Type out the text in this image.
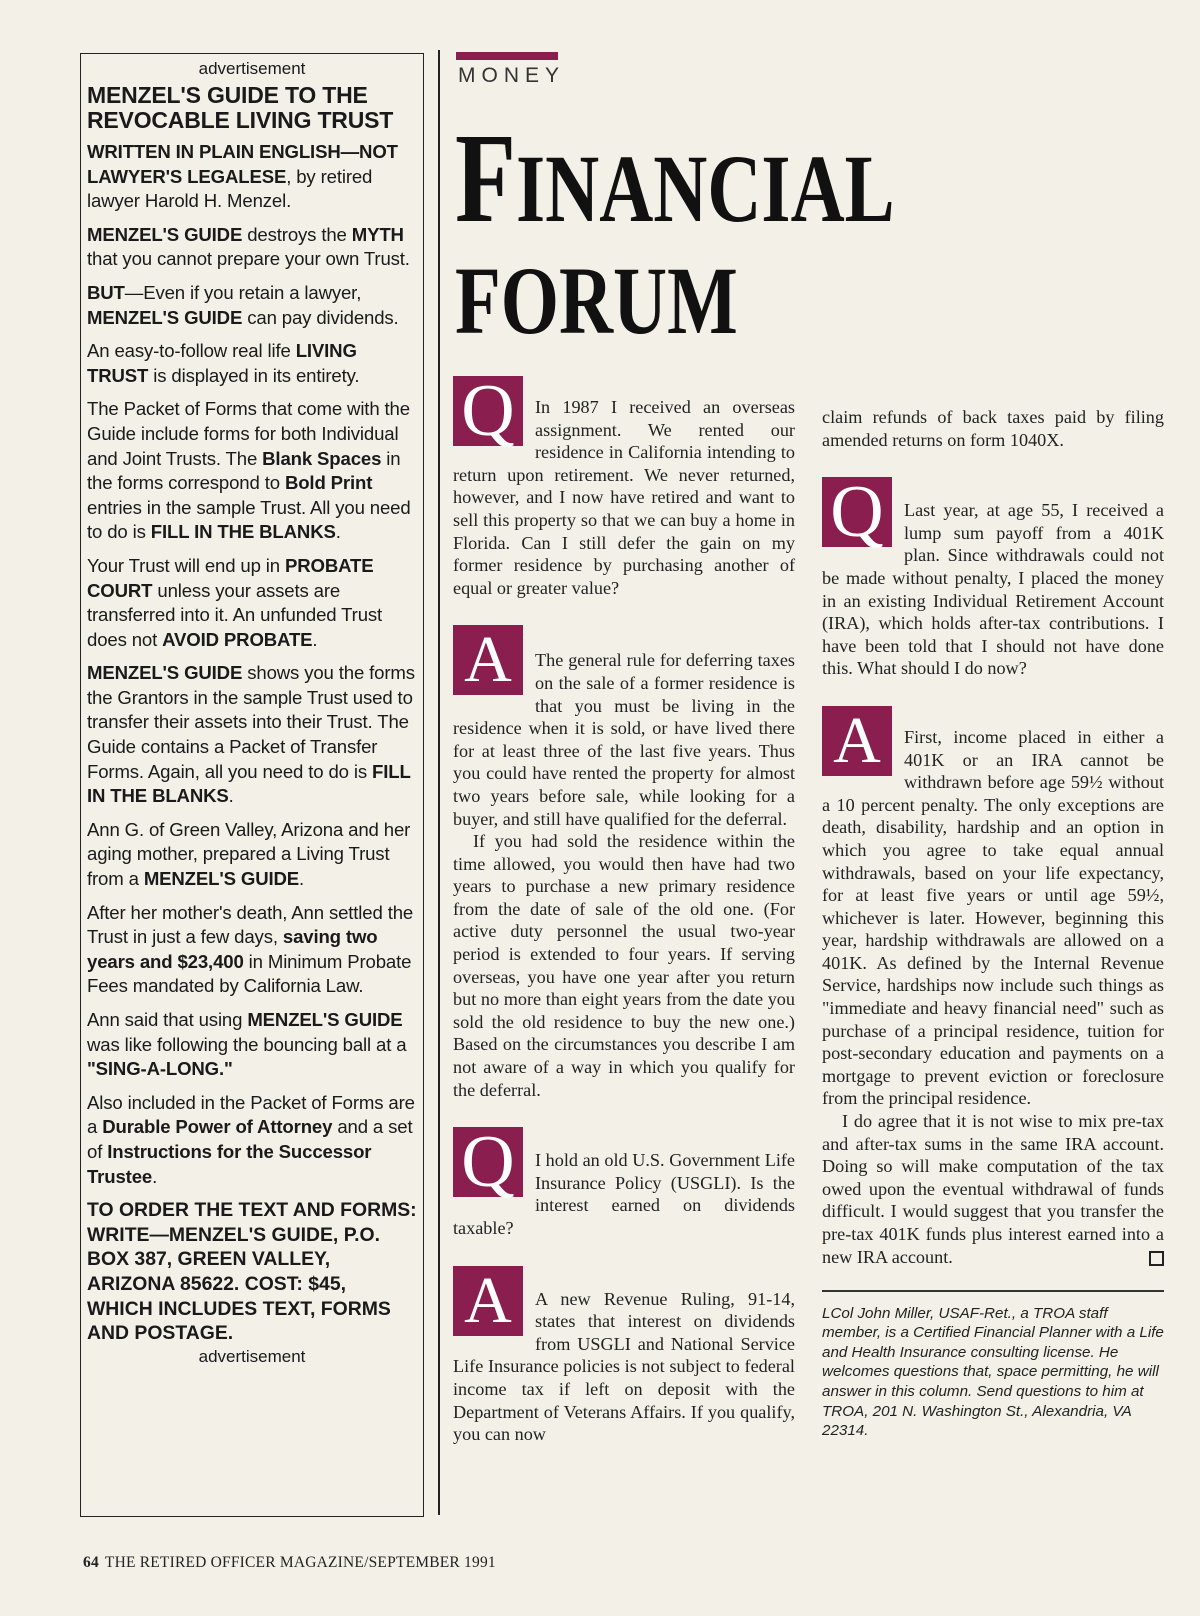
advertisement
MENZEL'S GUIDE TO THE REVOCABLE LIVING TRUST

WRITTEN IN PLAIN ENGLISH—NOT LAWYER'S LEGALESE, by retired lawyer Harold H. Menzel.

MENZEL'S GUIDE destroys the MYTH that you cannot prepare your own Trust.

BUT—Even if you retain a lawyer, MENZEL'S GUIDE can pay dividends.

An easy-to-follow real life LIVING TRUST is displayed in its entirety.

The Packet of Forms that come with the Guide include forms for both Individual and Joint Trusts. The Blank Spaces in the forms correspond to Bold Print entries in the sample Trust. All you need to do is FILL IN THE BLANKS.

Your Trust will end up in PROBATE COURT unless your assets are transferred into it. An unfunded Trust does not AVOID PROBATE.

MENZEL'S GUIDE shows you the forms the Grantors in the sample Trust used to transfer their assets into their Trust. The Guide contains a Packet of Transfer Forms. Again, all you need to do is FILL IN THE BLANKS.

Ann G. of Green Valley, Arizona and her aging mother, prepared a Living Trust from a MENZEL'S GUIDE.

After her mother's death, Ann settled the Trust in just a few days, saving two years and $23,400 in Minimum Probate Fees mandated by California Law.

Ann said that using MENZEL'S GUIDE was like following the bouncing ball at a "SING-A-LONG."

Also included in the Packet of Forms are a Durable Power of Attorney and a set of Instructions for the Successor Trustee.

TO ORDER THE TEXT AND FORMS: WRITE—MENZEL'S GUIDE, P.O. BOX 387, GREEN VALLEY, ARIZONA 85622. COST: $45, WHICH INCLUDES TEXT, FORMS AND POSTAGE.
advertisement
MONEY
FINANCIAL
FORUM
Q	In 1987 I received an overseas assignment. We rented our residence in California intending to return upon retirement. We never returned, however, and I now have retired and want to sell this property so that we can buy a home in Florida. Can I still defer the gain on my former residence by purchasing another of equal or greater value?

A	The general rule for deferring taxes on the sale of a former residence is that you must be living in the residence when it is sold, or have lived there for at least three of the last five years. Thus you could have rented the property for almost two years before sale, while looking for a buyer, and still have qualified for the deferral.

If you had sold the residence within the time allowed, you would then have had two years to purchase a new primary residence from the date of sale of the old one. (For active duty personnel the usual two-year period is extended to four years. If serving overseas, you have one year after you return but no more than eight years from the date you sold the old residence to buy the new one.) Based on the circumstances you describe I am not aware of a way in which you qualify for the deferral.

Q	I hold an old U.S. Government Life Insurance Policy (USGLI). Is the interest earned on dividends taxable?

A	A new Revenue Ruling, 91-14, states that interest on dividends from USGLI and National Service Life Insurance policies is not subject to federal income tax if left on deposit with the Department of Veterans Affairs. If you qualify, you can now

claim refunds of back taxes paid by filing amended returns on form 1040X.

Q	Last year, at age 55, I received a lump sum payoff from a 401K plan. Since withdrawals could not be made without penalty, I placed the money in an existing Individual Retirement Account (IRA), which holds after-tax contributions. I have been told that I should not have done this. What should I do now?

A	First, income placed in either a 401K or an IRA cannot be withdrawn before age 59½ without a 10 percent penalty. The only exceptions are death, disability, hardship and an option in which you agree to take equal annual withdrawals, based on your life expectancy, for at least five years or until age 59½, whichever is later. However, beginning this year, hardship withdrawals are allowed on a 401K. As defined by the Internal Revenue Service, hardships now include such things as "immediate and heavy financial need" such as purchase of a principal residence, tuition for post-secondary education and payments on a mortgage to prevent eviction or foreclosure from the principal residence.

I do agree that it is not wise to mix pre-tax and after-tax sums in the same IRA account. Doing so will make computation of the tax owed upon the eventual withdrawal of funds difficult. I would suggest that you transfer the pre-tax 401K funds plus interest earned into a new IRA account.

LCol John Miller, USAF-Ret., a TROA staff member, is a Certified Financial Planner with a Life and Health Insurance consulting license. He welcomes questions that, space permitting, he will answer in this column. Send questions to him at TROA, 201 N. Washington St., Alexandria, VA 22314.
64 THE RETIRED OFFICER MAGAZINE/SEPTEMBER 1991
